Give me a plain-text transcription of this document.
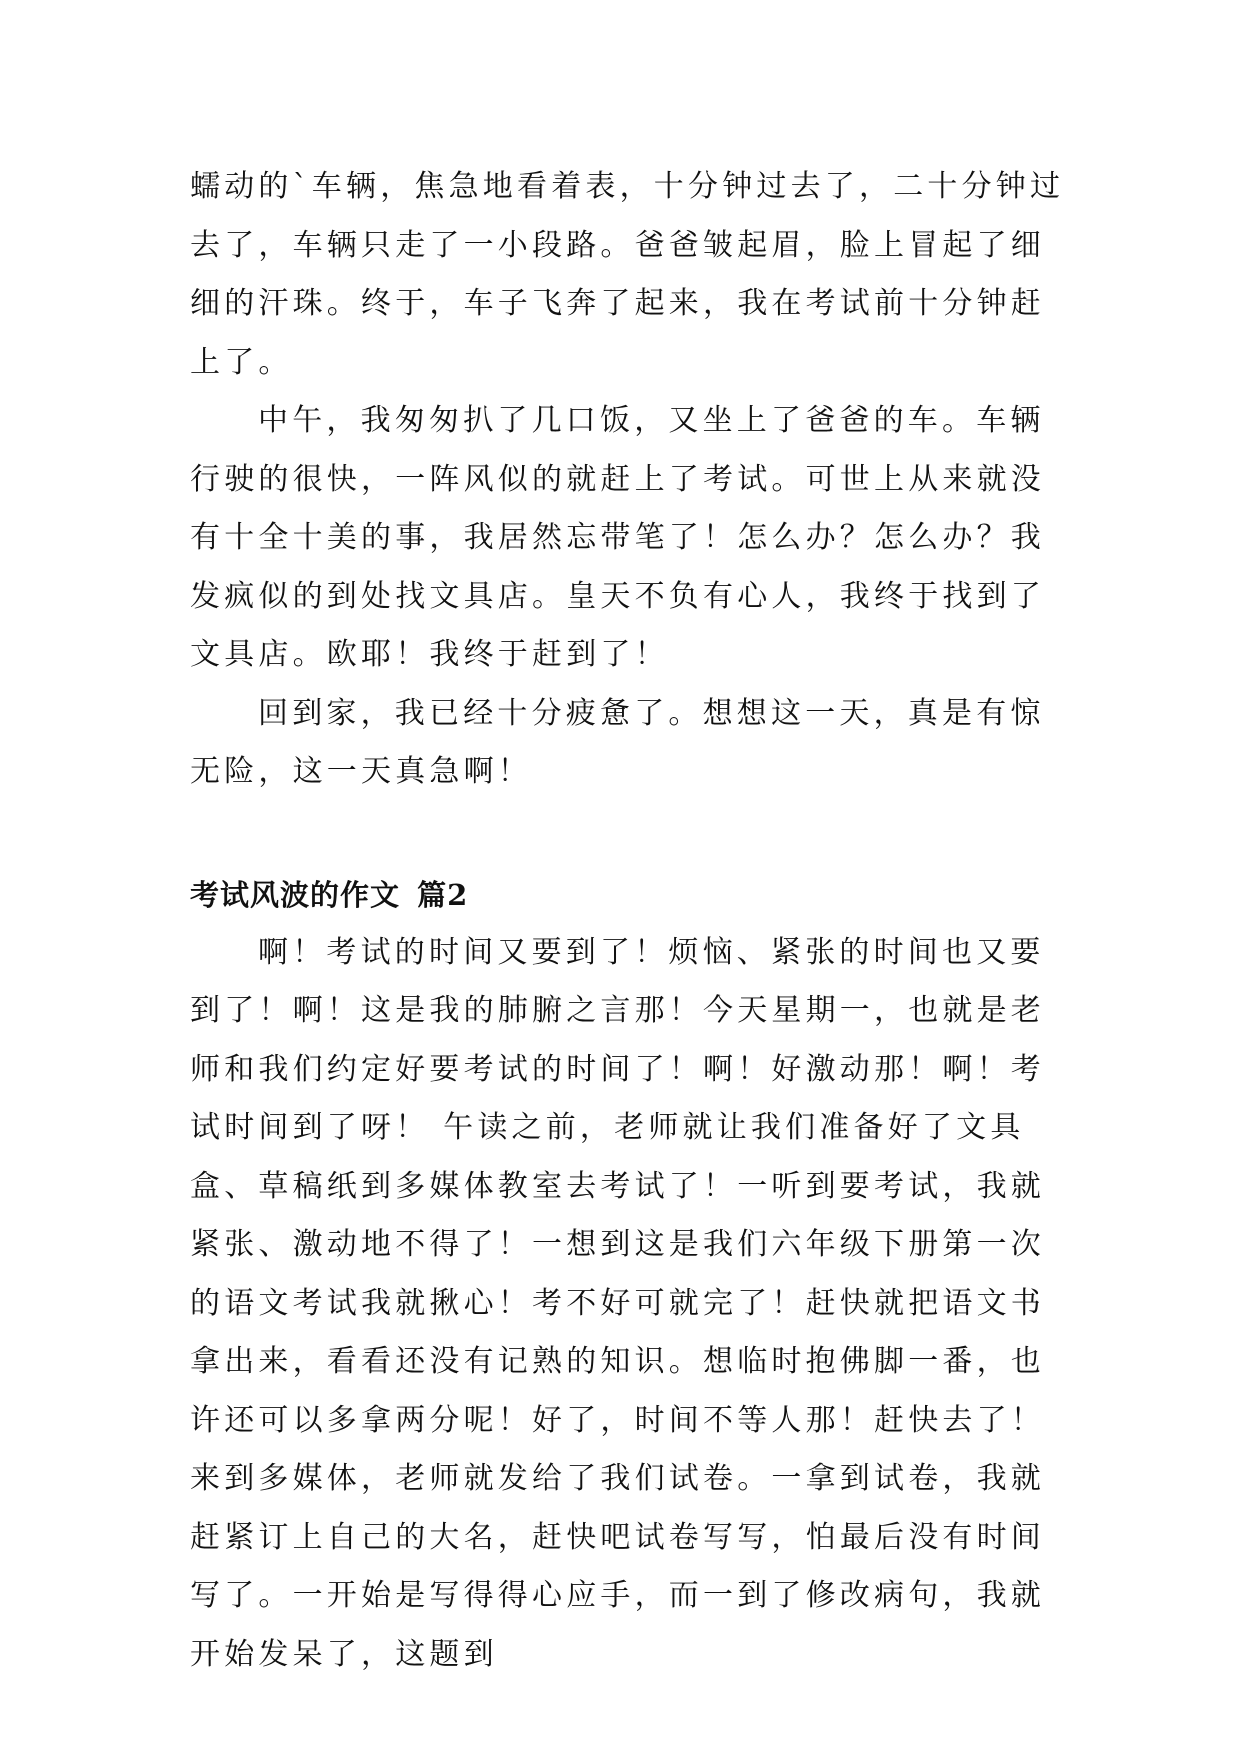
蠕动的`车辆，焦急地看着表，十分钟过去了，二十分钟过去了，车辆只走了一小段路。爸爸皱起眉，脸上冒起了细细的汗珠。终于，车子飞奔了起来，我在考试前十分钟赶上了。

中午，我匆匆扒了几口饭，又坐上了爸爸的车。车辆行驶的很快，一阵风似的就赶上了考试。可世上从来就没有十全十美的事，我居然忘带笔了！怎么办？怎么办？我发疯似的到处找文具店。皇天不负有心人，我终于找到了文具店。欧耶！我终于赶到了！

回到家，我已经十分疲惫了。想想这一天，真是有惊无险，这一天真急啊！

考试风波的作文 篇2

啊！考试的时间又要到了！烦恼、紧张的时间也又要到了！啊！这是我的肺腑之言那！今天星期一，也就是老师和我们约定好要考试的时间了！啊！好激动那！啊！考试时间到了呀！ 午读之前，老师就让我们准备好了文具盒、草稿纸到多媒体教室去考试了！一听到要考试，我就紧张、激动地不得了！一想到这是我们六年级下册第一次的语文考试我就揪心！考不好可就完了！赶快就把语文书拿出来，看看还没有记熟的知识。想临时抱佛脚一番，也许还可以多拿两分呢！好了，时间不等人那！赶快去了！ 来到多媒体，老师就发给了我们试卷。一拿到试卷，我就赶紧订上自己的大名，赶快吧试卷写写，怕最后没有时间写了。一开始是写得得心应手，而一到了修改病句，我就开始发呆了，这题到
